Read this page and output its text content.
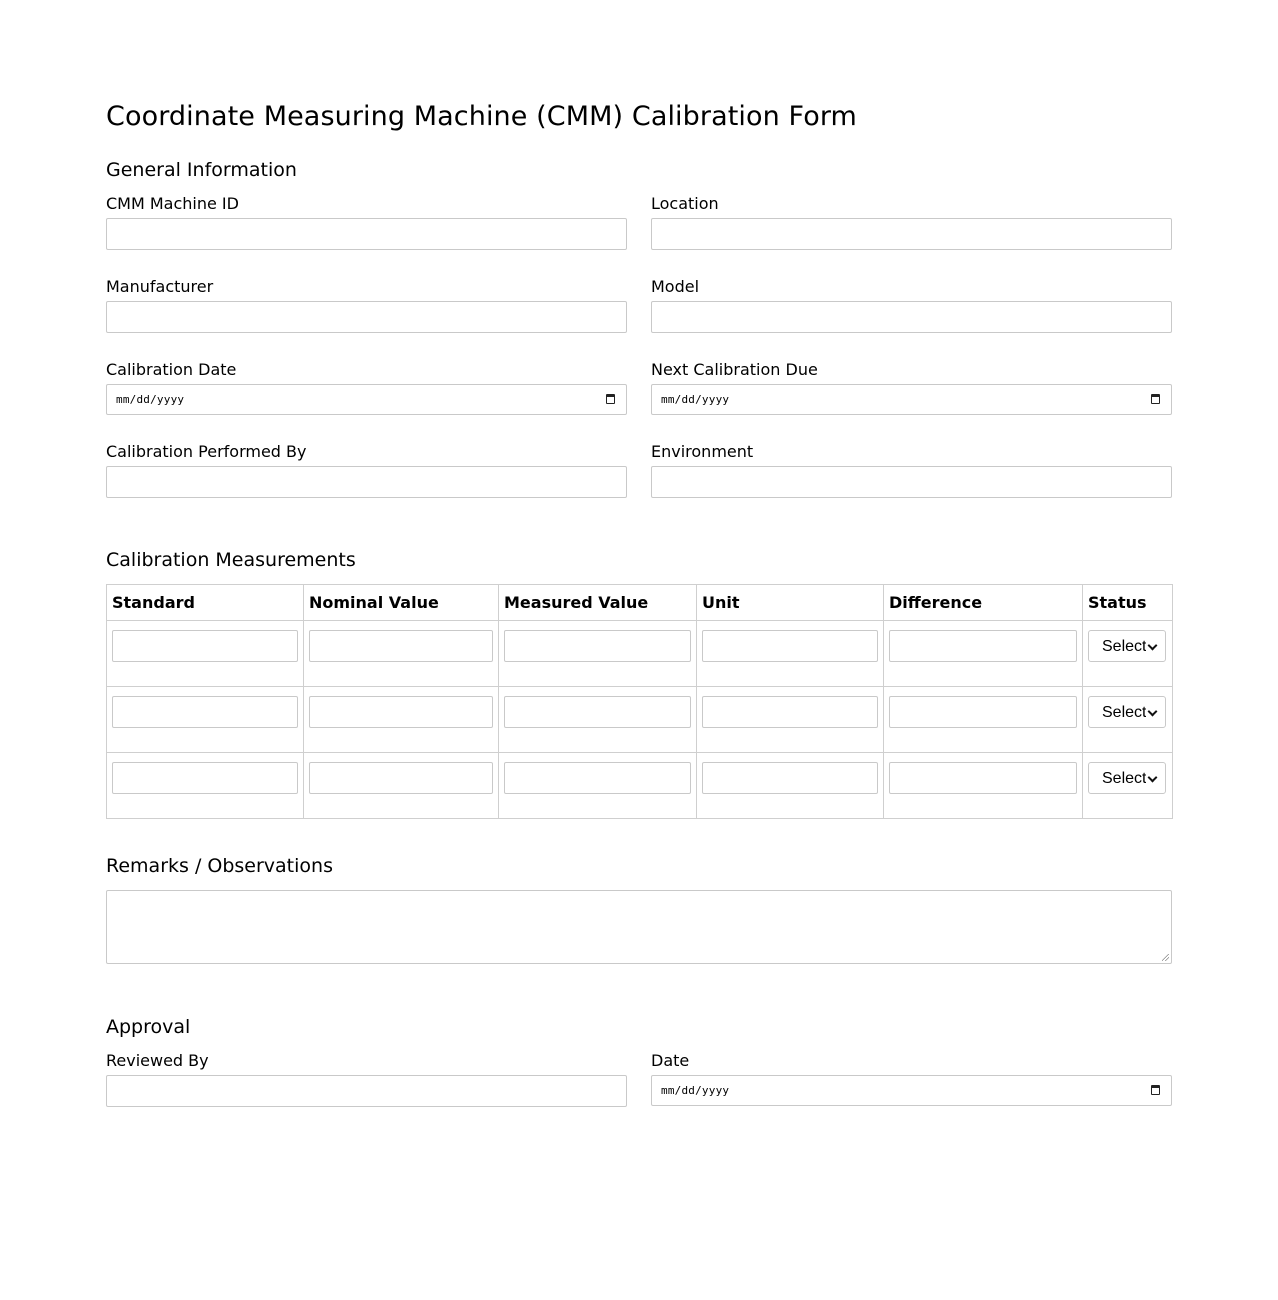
Coordinate Measuring Machine (CMM) Calibration Form
General Information
CMM Machine ID	Location
Manufacturer	Model
Calibration Date
mm/dd/yyyy
Next Calibration Due
mm/dd/yyyy
Calibration Performed By	Environment
Calibration Measurements
Standard	Nominal Value	Measured Value	Unit	Difference	Status

					Select

					Select

					Select
Remarks / Observations
Approval
Reviewed By	Date
mm/dd/yyyy
